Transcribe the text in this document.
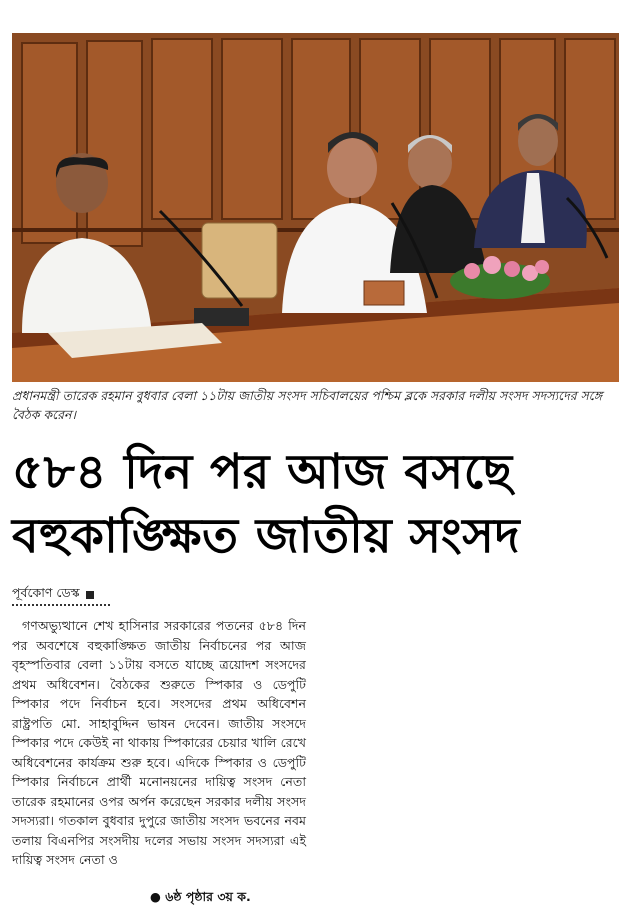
প্রধানমন্ত্রী তারেক রহমান বুধবার বেলা ১১টায় জাতীয় সংসদ সচিবালয়ের পশ্চিম ব্লকে সরকার দলীয় সংসদ সদস্যদের সঙ্গে বৈঠক করেন।
৫৮৪ দিন পর আজ বসছে
বহুকাঙ্ক্ষিত জাতীয় সংসদ
পূর্বকোণ ডেস্ক

গণঅভ্যুত্থানে শেখ হাসিনার সরকারের পতনের ৫৮৪ দিন পর অবশেষে বহুকাঙ্ক্ষিত জাতীয় নির্বাচনের পর আজ বৃহস্পতিবার বেলা ১১টায় বসতে যাচ্ছে ত্রয়োদশ সংসদের প্রথম অধিবেশন। বৈঠকের শুরুতে স্পিকার ও ডেপুটি স্পিকার পদে নির্বাচন হবে। সংসদের প্রথম অধিবেশন রাষ্ট্রপতি মো. সাহাবুদ্দিন ভাষন দেবেন। জাতীয় সংসদে স্পিকার পদে কেউই না থাকায় স্পিকারের চেয়ার খালি রেখে অধিবেশনের কার্যক্রম শুরু হবে। এদিকে স্পিকার ও ডেপুটি স্পিকার নির্বাচনে প্রার্থী মনোনয়নের দায়িত্ব সংসদ নেতা তারেক রহমানের ওপর অর্পন করেছেন সরকার দলীয় সংসদ সদস্যরা। গতকাল বুধবার দুপুরে জাতীয় সংসদ ভবনের নবম তলায় বিএনপির সংসদীয় দলের সভায় সংসদ সদস্যরা এই দায়িত্ব সংসদ নেতা ও

● ৬ষ্ঠ পৃষ্ঠার ৩য় ক.
